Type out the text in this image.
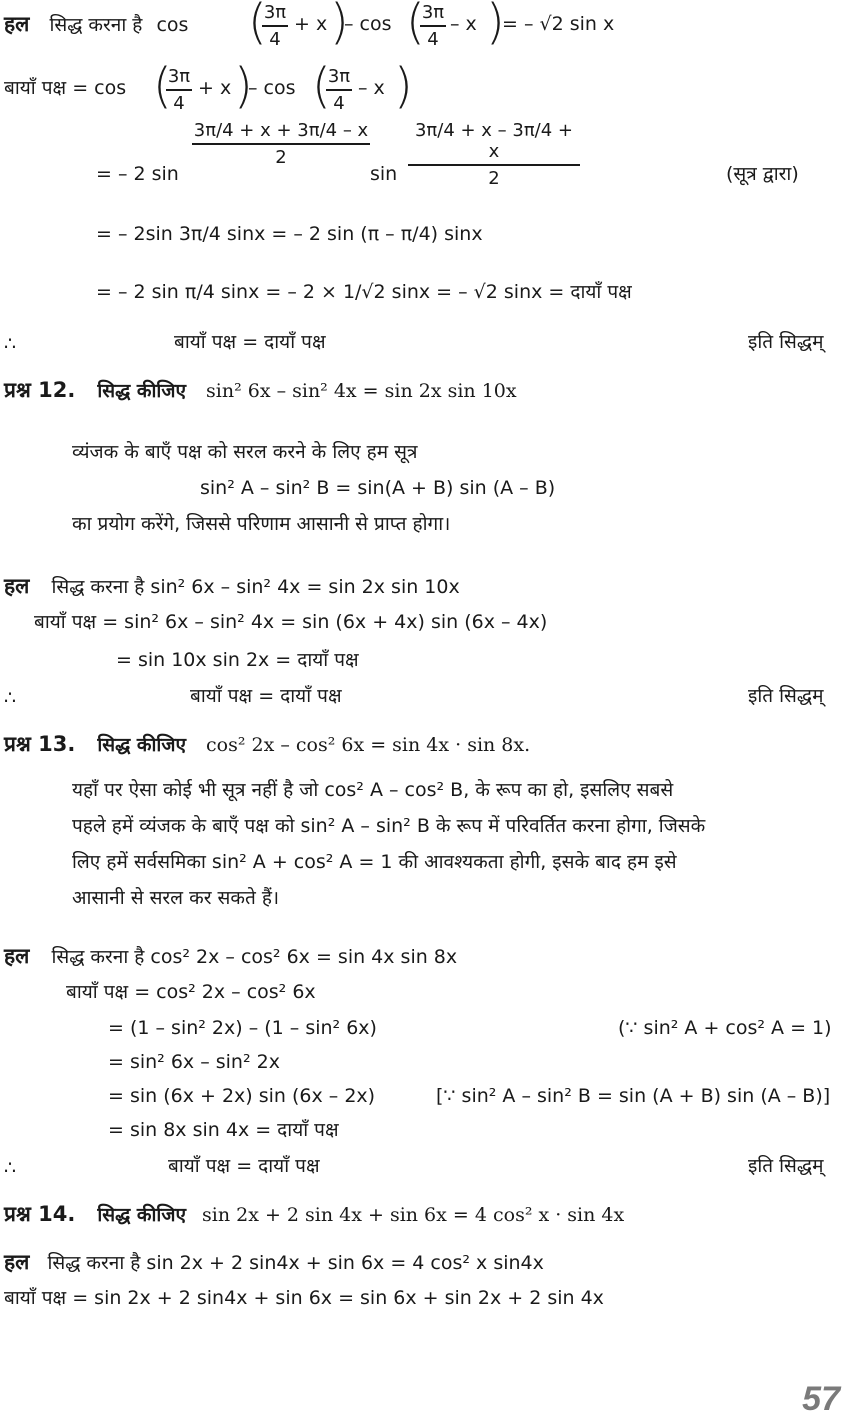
हल सिद्ध करना है cos (
3π
4
+ x )
– cos (
3π
4
– x )
= – √2 sin x
बायाँ पक्ष = cos (
3π
4
+ x )
– cos (
3π
4
– x )
= – 2 sin
3π/4 + x + 3π/4 – x
2
sin
3π/4 + x – 3π/4 + x
2	(सूत्र द्वारा)
= – 2sin 3π/4 sinx = – 2 sin (π – π/4) sinx
= – 2 sin π/4 sinx = – 2 × 1/√2 sinx = – √2 sinx = दायाँ पक्ष
∴	बायाँ पक्ष = दायाँ पक्ष	इति सिद्धम्
प्रश्न 12. सिद्ध कीजिए sin² 6x – sin² 4x = sin 2x sin 10x
व्यंजक के बाएँ पक्ष को सरल करने के लिए हम सूत्र
sin² A – sin² B = sin(A + B) sin (A – B)
का प्रयोग करेंगे, जिससे परिणाम आसानी से प्राप्त होगा।
हल सिद्ध करना है sin² 6x – sin² 4x = sin 2x sin 10x
बायाँ पक्ष = sin² 6x – sin² 4x = sin (6x + 4x) sin (6x – 4x)
= sin 10x sin 2x = दायाँ पक्ष
∴	बायाँ पक्ष = दायाँ पक्ष	इति सिद्धम्
प्रश्न 13. सिद्ध कीजिए cos² 2x – cos² 6x = sin 4x · sin 8x.
यहाँ पर ऐसा कोई भी सूत्र नहीं है जो cos² A – cos² B, के रूप का हो, इसलिए सबसे
पहले हमें व्यंजक के बाएँ पक्ष को sin² A – sin² B के रूप में परिवर्तित करना होगा, जिसके
लिए हमें सर्वसमिका sin² A + cos² A = 1 की आवश्यकता होगी, इसके बाद हम इसे
आसानी से सरल कर सकते हैं।
हल सिद्ध करना है cos² 2x – cos² 6x = sin 4x sin 8x
बायाँ पक्ष = cos² 2x – cos² 6x
= (1 – sin² 2x) – (1 – sin² 6x)	(∵ sin² A + cos² A = 1)
= sin² 6x – sin² 2x
= sin (6x + 2x) sin (6x – 2x)	[∵ sin² A – sin² B = sin (A + B) sin (A – B)]
= sin 8x sin 4x = दायाँ पक्ष
∴	बायाँ पक्ष = दायाँ पक्ष	इति सिद्धम्
प्रश्न 14. सिद्ध कीजिए sin 2x + 2 sin 4x + sin 6x = 4 cos² x · sin 4x
हल सिद्ध करना है sin 2x + 2 sin4x + sin 6x = 4 cos² x sin4x
बायाँ पक्ष = sin 2x + 2 sin4x + sin 6x = sin 6x + sin 2x + 2 sin 4x
57
